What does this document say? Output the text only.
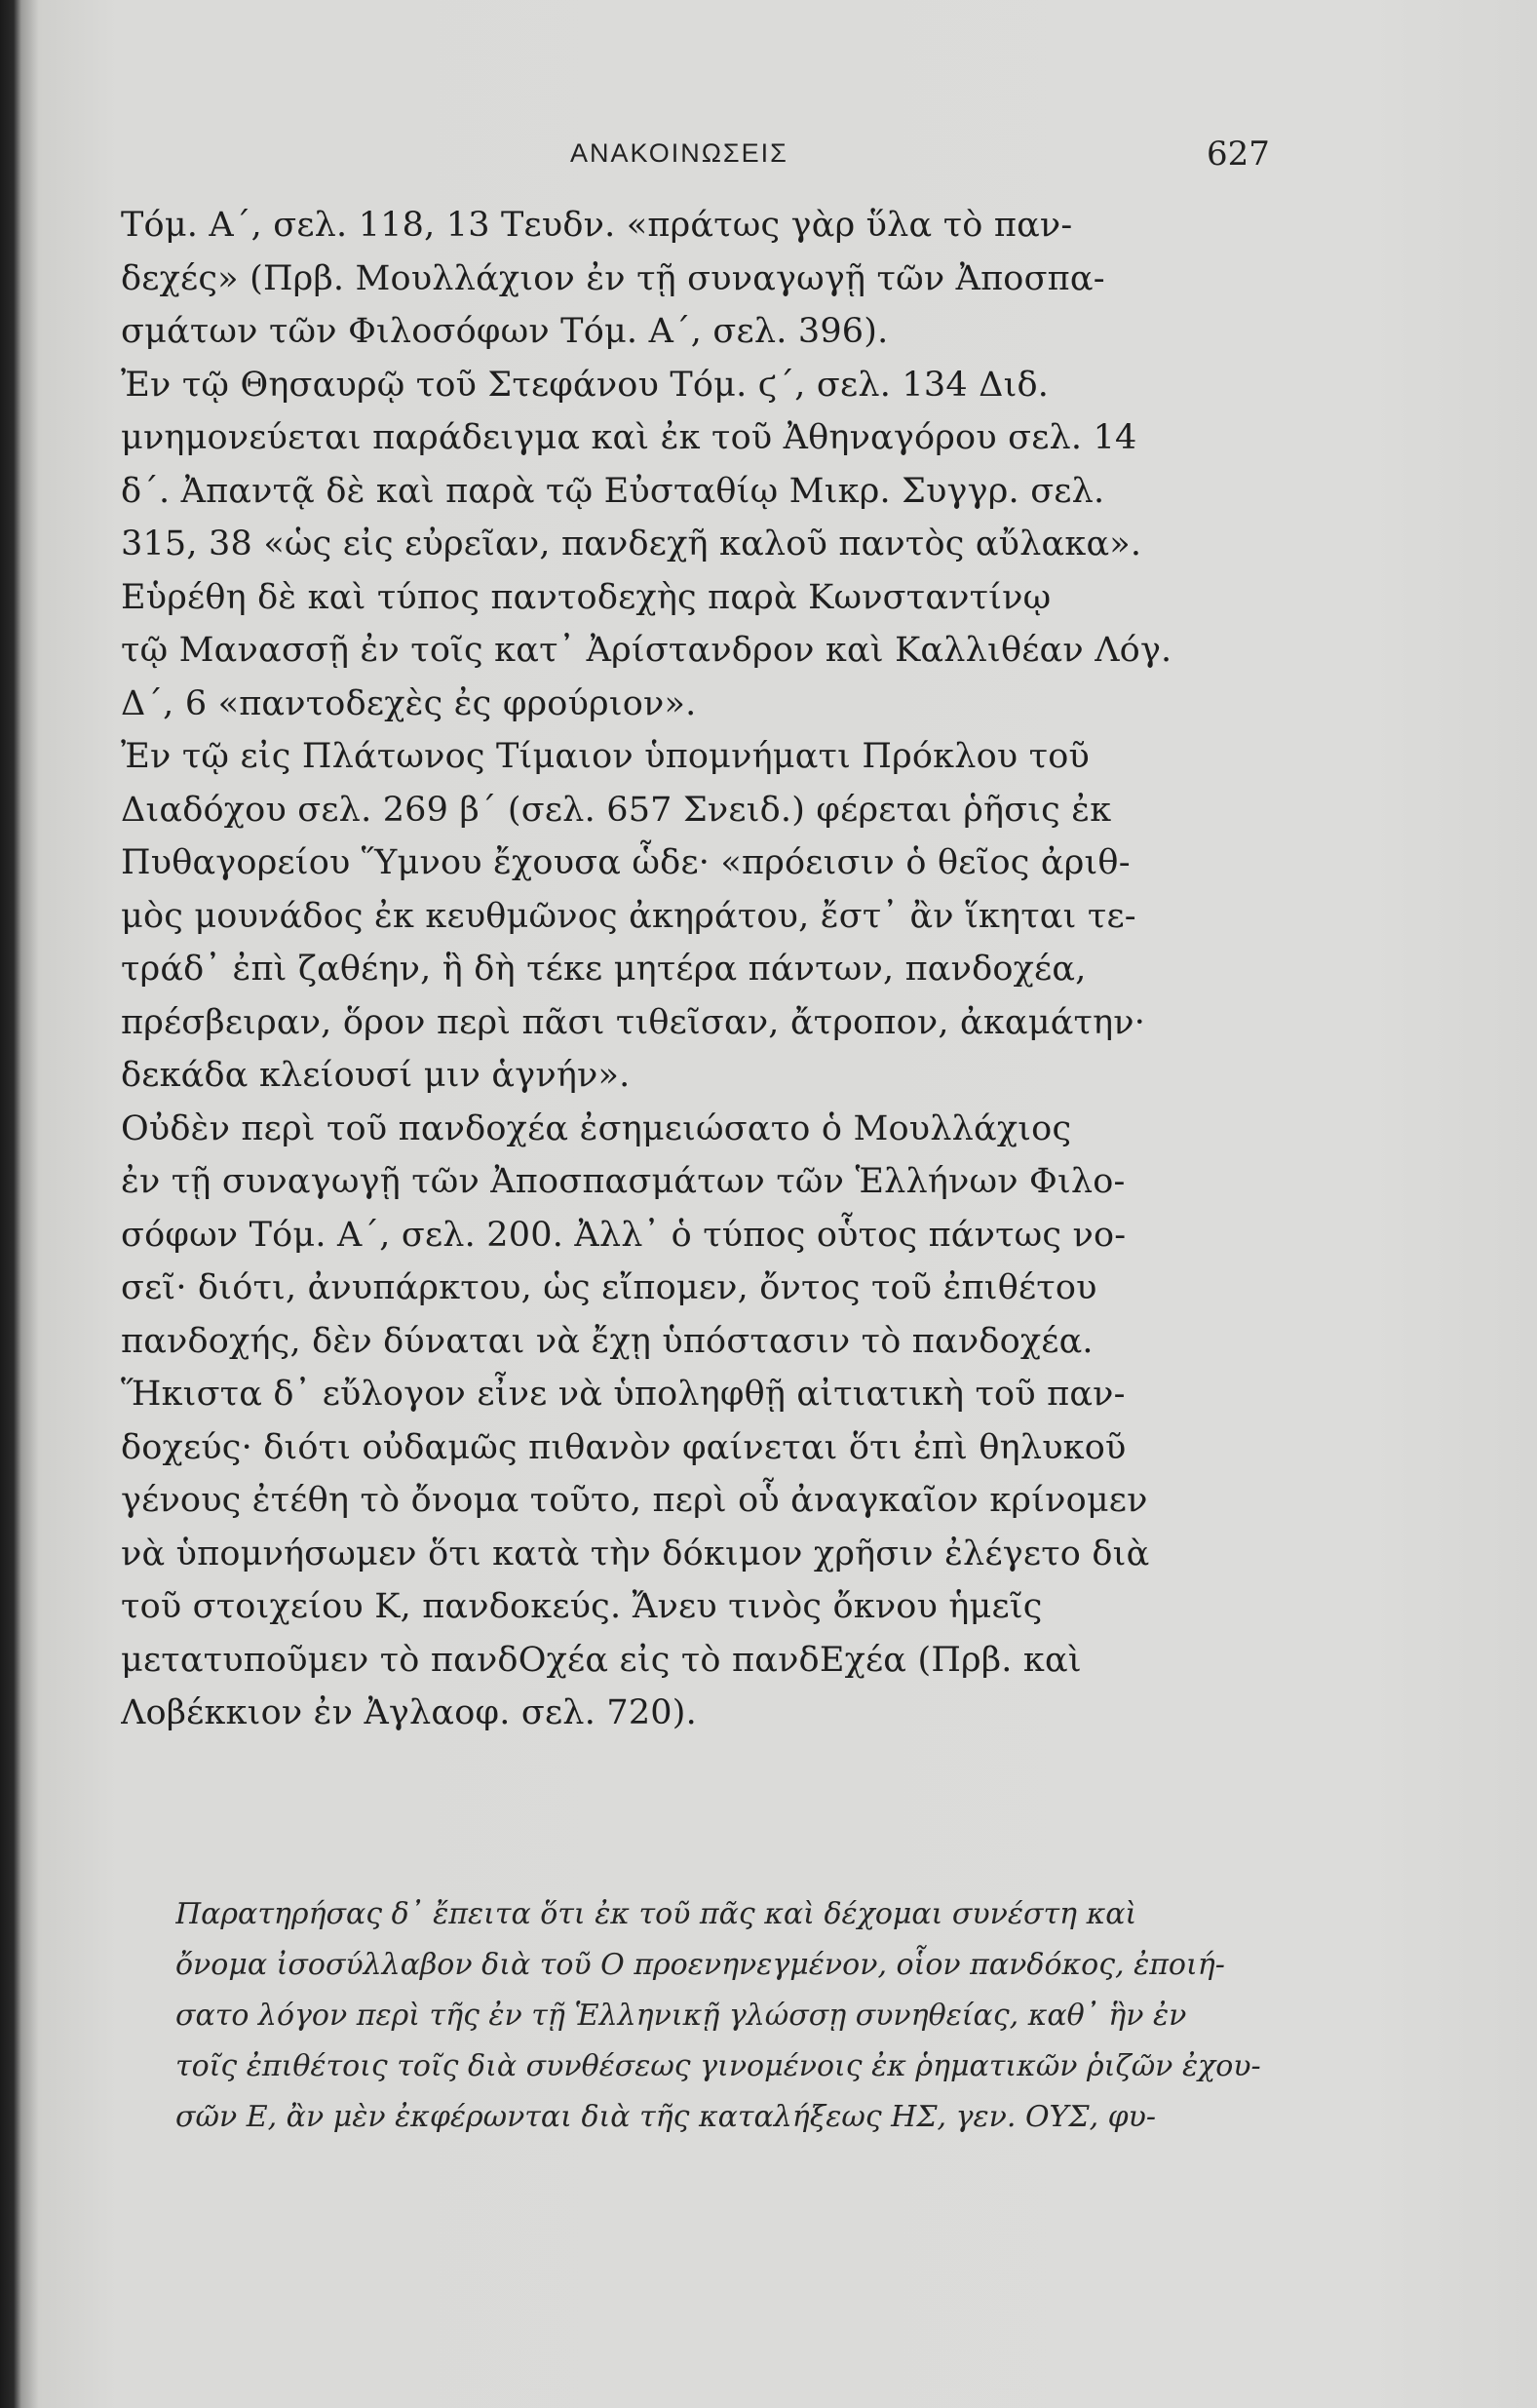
ΑΝΑΚΟΙΝΩΣΕΙΣ	627
Τόμ. Α΄, σελ. 118, 13 Τευδν. «πράτως γὰρ ὕλα τὸ παν-
δεχές» (Πρβ. Μουλλάχιον ἐν τῇ συναγωγῇ τῶν Ἀποσπα-
σμάτων τῶν Φιλοσόφων Τόμ. Α΄, σελ. 396).
Ἐν τῷ Θησαυρῷ τοῦ Στεφάνου Τόμ. ϛ΄, σελ. 134 Διδ.
μνημονεύεται παράδειγμα καὶ ἐκ τοῦ Ἀθηναγόρου σελ. 14
δ΄. Ἀπαντᾷ δὲ καὶ παρὰ τῷ Εὐσταθίῳ Μικρ. Συγγρ. σελ.
315, 38 «ὡς εἰς εὐρεῖαν, πανδεχῆ καλοῦ παντὸς αὔλακα».
Εὑρέθη δὲ καὶ τύπος παντοδεχὴς παρὰ Κωνσταντίνῳ
τῷ Μανασσῇ ἐν τοῖς κατ᾽ Ἀρίστανδρον καὶ Καλλιθέαν Λόγ.
Δ΄, 6 «παντοδεχὲς ἐς φρούριον».
Ἐν τῷ εἰς Πλάτωνος Τίμαιον ὑπομνήματι Πρόκλου τοῦ
Διαδόχου σελ. 269 β΄ (σελ. 657 Σνειδ.) φέρεται ῥῆσις ἐκ
Πυθαγορείου Ὕμνου ἔχουσα ὧδε· «πρόεισιν ὁ θεῖος ἀριθ-
μὸς μουνάδος ἐκ κευθμῶνος ἀκηράτου, ἔστ᾽ ἂν ἵκηται τε-
τράδ᾽ ἐπὶ ζαθέην, ἣ δὴ τέκε μητέρα πάντων, πανδοχέα,
πρέσβειραν, ὅρον περὶ πᾶσι τιθεῖσαν, ἄτροπον, ἀκαμάτην·
δεκάδα κλείουσί μιν ἁγνήν».
Οὐδὲν περὶ τοῦ πανδοχέα ἐσημειώσατο ὁ Μουλλάχιος
ἐν τῇ συναγωγῇ τῶν Ἀποσπασμάτων τῶν Ἑλλήνων Φιλο-
σόφων Τόμ. Α΄, σελ. 200. Ἀλλ᾽ ὁ τύπος οὗτος πάντως νο-
σεῖ· διότι, ἀνυπάρκτου, ὡς εἴπομεν, ὄντος τοῦ ἐπιθέτου
πανδοχής, δὲν δύναται νὰ ἔχῃ ὑπόστασιν τὸ πανδοχέα.
Ἥκιστα δ᾽ εὔλογον εἶνε νὰ ὑποληφθῇ αἰτιατικὴ τοῦ παν-
δοχεύς· διότι οὐδαμῶς πιθανὸν φαίνεται ὅτι ἐπὶ θηλυκοῦ
γένους ἐτέθη τὸ ὄνομα τοῦτο, περὶ οὗ ἀναγκαῖον κρίνομεν
νὰ ὑπομνήσωμεν ὅτι κατὰ τὴν δόκιμον χρῆσιν ἐλέγετο διὰ
τοῦ στοιχείου Κ, πανδοκεύς. Ἄνευ τινὸς ὄκνου ἡμεῖς
μετατυποῦμεν τὸ πανδΟχέα εἰς τὸ πανδΕχέα (Πρβ. καὶ
Λοβέκκιον ἐν Ἀγλαοφ. σελ. 720).
Παρατηρήσας δ᾽ ἔπειτα ὅτι ἐκ τοῦ πᾶς καὶ δέχομαι συνέστη καὶ
ὄνομα ἰσοσύλλαβον διὰ τοῦ Ο προενηνεγμένον, οἷον πανδόκος, ἐποιή-
σατο λόγον περὶ τῆς ἐν τῇ Ἑλληνικῇ γλώσσῃ συνηθείας, καθ᾽ ἣν ἐν
τοῖς ἐπιθέτοις τοῖς διὰ συνθέσεως γινομένοις ἐκ ῥηματικῶν ῥιζῶν ἐχου-
σῶν Ε, ἂν μὲν ἐκφέρωνται διὰ τῆς καταλήξεως ΗΣ, γεν. ΟΥΣ, φυ-
